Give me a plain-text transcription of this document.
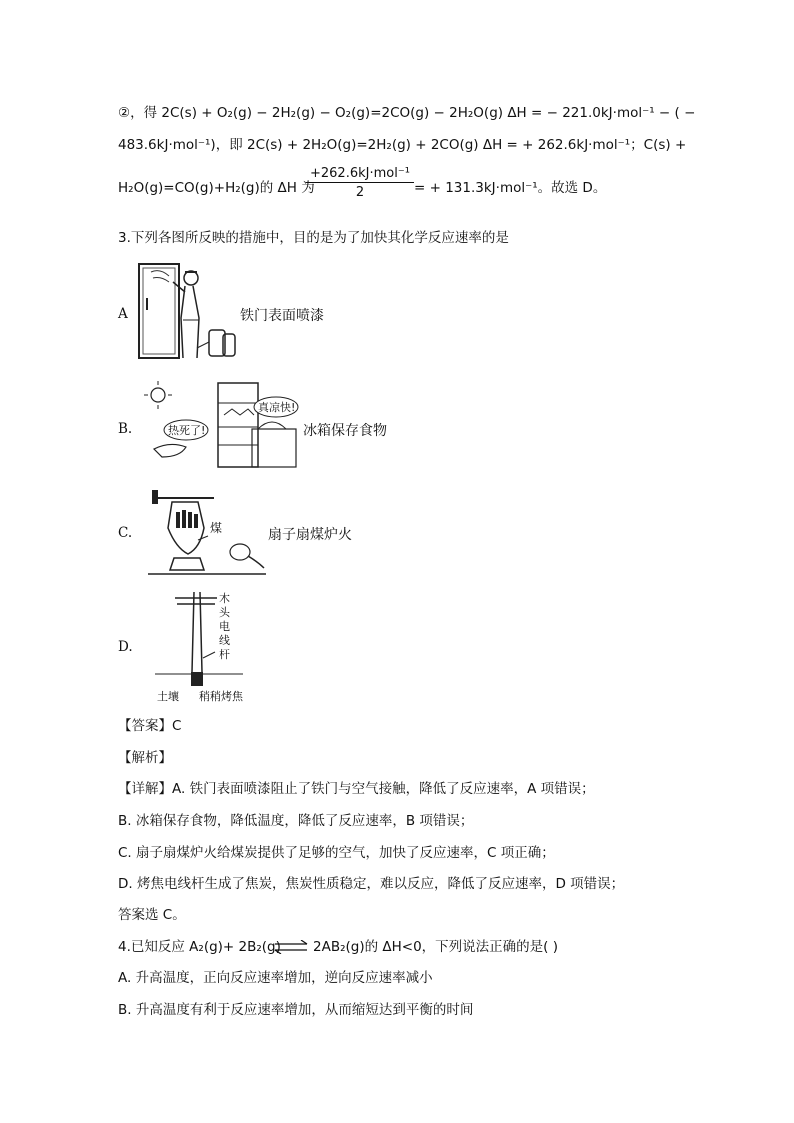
②，得 2C(s) + O₂(g) − 2H₂(g) − O₂(g)=2CO(g) − 2H₂O(g) ΔH = − 221.0kJ·mol⁻¹ − ( −
483.6kJ·mol⁻¹)，即 2C(s) + 2H₂O(g)=2H₂(g) + 2CO(g) ΔH = + 262.6kJ·mol⁻¹；C(s) +
H₂O(g)=CO(g)+H₂(g)的 ΔH 为
+262.6kJ·mol⁻¹
2	= + 131.3kJ·mol⁻¹。故选 D。
3.下列各图所反映的措施中，目的是为了加快其化学反应速率的是
A	铁门表面喷漆
B.	热死了!
真凉快!
冰箱保存食物
C.	煤	扇子扇煤炉火
D.
木
头
电
线
杆
土壤 稍稍烤焦
【答案】C
【解析】
【详解】A. 铁门表面喷漆阻止了铁门与空气接触，降低了反应速率，A 项错误；
B. 冰箱保存食物，降低温度，降低了反应速率，B 项错误；
C. 扇子扇煤炉火给煤炭提供了足够的空气，加快了反应速率，C 项正确；
D. 烤焦电线杆生成了焦炭，焦炭性质稳定，难以反应，降低了反应速率，D 项错误；
答案选 C。
4.已知反应 A₂(g)+ 2B₂(g) ⇌ 2AB₂(g)的 ΔH<0，下列说法正确的是( )
A. 升高温度，正向反应速率增加，逆向反应速率减小
B. 升高温度有利于反应速率增加，从而缩短达到平衡的时间
